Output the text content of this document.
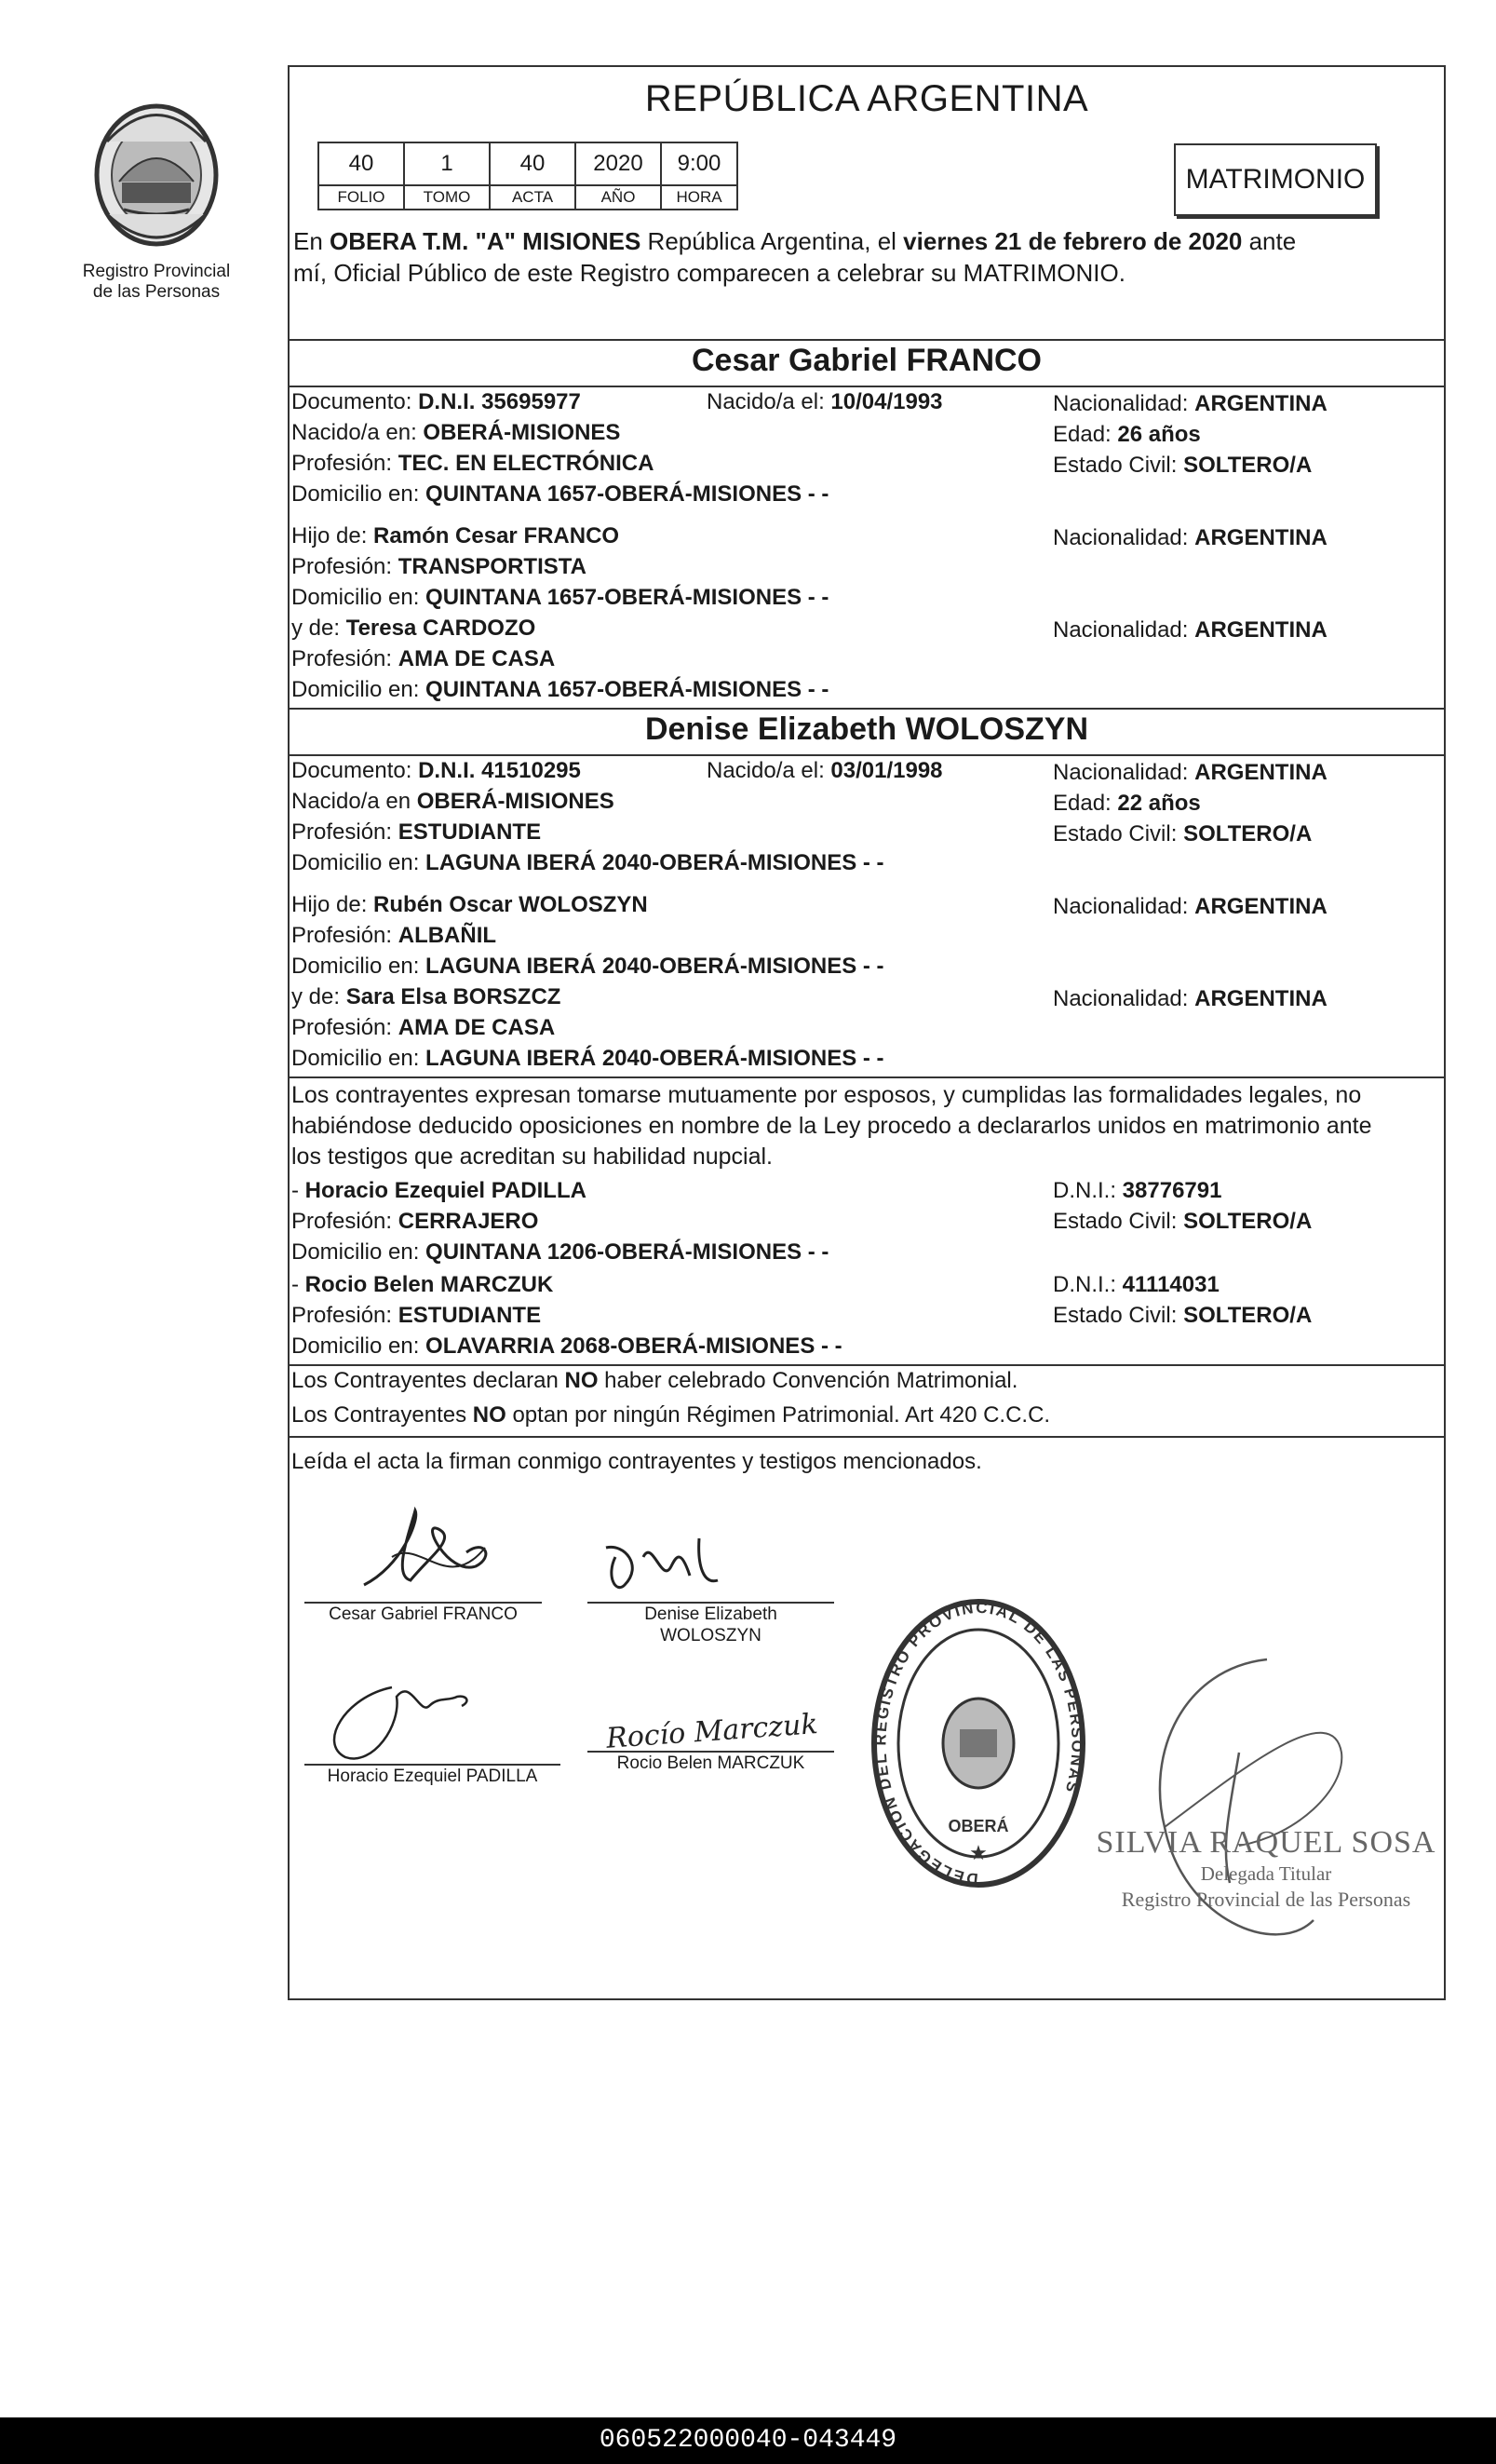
Registro Provincial
de las Personas
REPÚBLICA ARGENTINA
40	1	40	2020	9:00
FOLIO	TOMO	ACTA	AÑO	HORA
MATRIMONIO
En OBERA T.M. "A" MISIONES República Argentina, el viernes 21 de febrero de 2020 ante
mí, Oficial Público de este Registro comparecen a celebrar su MATRIMONIO.
Cesar Gabriel FRANCO
Documento: D.N.I. 35695977	Nacido/a el: 10/04/1993	Nacionalidad: ARGENTINA
Nacido/a en: OBERÁ-MISIONES	Edad: 26 años
Profesión: TEC. EN ELECTRÓNICA	Estado Civil: SOLTERO/A
Domicilio en: QUINTANA 1657-OBERÁ-MISIONES - -
Hijo de: Ramón Cesar FRANCO	Nacionalidad: ARGENTINA
Profesión: TRANSPORTISTA
Domicilio en: QUINTANA 1657-OBERÁ-MISIONES - -
y de: Teresa CARDOZO	Nacionalidad: ARGENTINA
Profesión: AMA DE CASA
Domicilio en: QUINTANA 1657-OBERÁ-MISIONES - -
Denise Elizabeth WOLOSZYN
Documento: D.N.I. 41510295	Nacido/a el: 03/01/1998	Nacionalidad: ARGENTINA
Nacido/a en OBERÁ-MISIONES	Edad: 22 años
Profesión: ESTUDIANTE	Estado Civil: SOLTERO/A
Domicilio en: LAGUNA IBERÁ 2040-OBERÁ-MISIONES - -
Hijo de: Rubén Oscar WOLOSZYN	Nacionalidad: ARGENTINA
Profesión: ALBAÑIL
Domicilio en: LAGUNA IBERÁ 2040-OBERÁ-MISIONES - -
y de: Sara Elsa BORSZCZ	Nacionalidad: ARGENTINA
Profesión: AMA DE CASA
Domicilio en: LAGUNA IBERÁ 2040-OBERÁ-MISIONES - -
Los contrayentes expresan tomarse mutuamente por esposos, y cumplidas las formalidades legales, no
habiéndose deducido oposiciones en nombre de la Ley procedo a declararlos unidos en matrimonio ante
los testigos que acreditan su habilidad nupcial.
- Horacio Ezequiel PADILLA	D.N.I.: 38776791
Profesión: CERRAJERO	Estado Civil: SOLTERO/A
Domicilio en: QUINTANA 1206-OBERÁ-MISIONES - -
- Rocio Belen MARCZUK	D.N.I.: 41114031
Profesión: ESTUDIANTE	Estado Civil: SOLTERO/A
Domicilio en: OLAVARRIA 2068-OBERÁ-MISIONES - -
Los Contrayentes declaran NO haber celebrado Convención Matrimonial.
Los Contrayentes NO optan por ningún Régimen Patrimonial. Art 420 C.C.C.
Leída el acta la firman conmigo contrayentes y testigos mencionados.
Cesar Gabriel FRANCO	Denise Elizabeth
WOLOSZYN
Horacio Ezequiel PADILLA
Rocío Marczuk
Rocio Belen MARCZUK
DELEGACION DEL REGISTRO PROVINCIAL DE LAS PERSONAS
OBERÁ
★	SILVIA RAQUEL SOSA
Delegada Titular
Registro Provincial de las Personas
060522000040-043449
